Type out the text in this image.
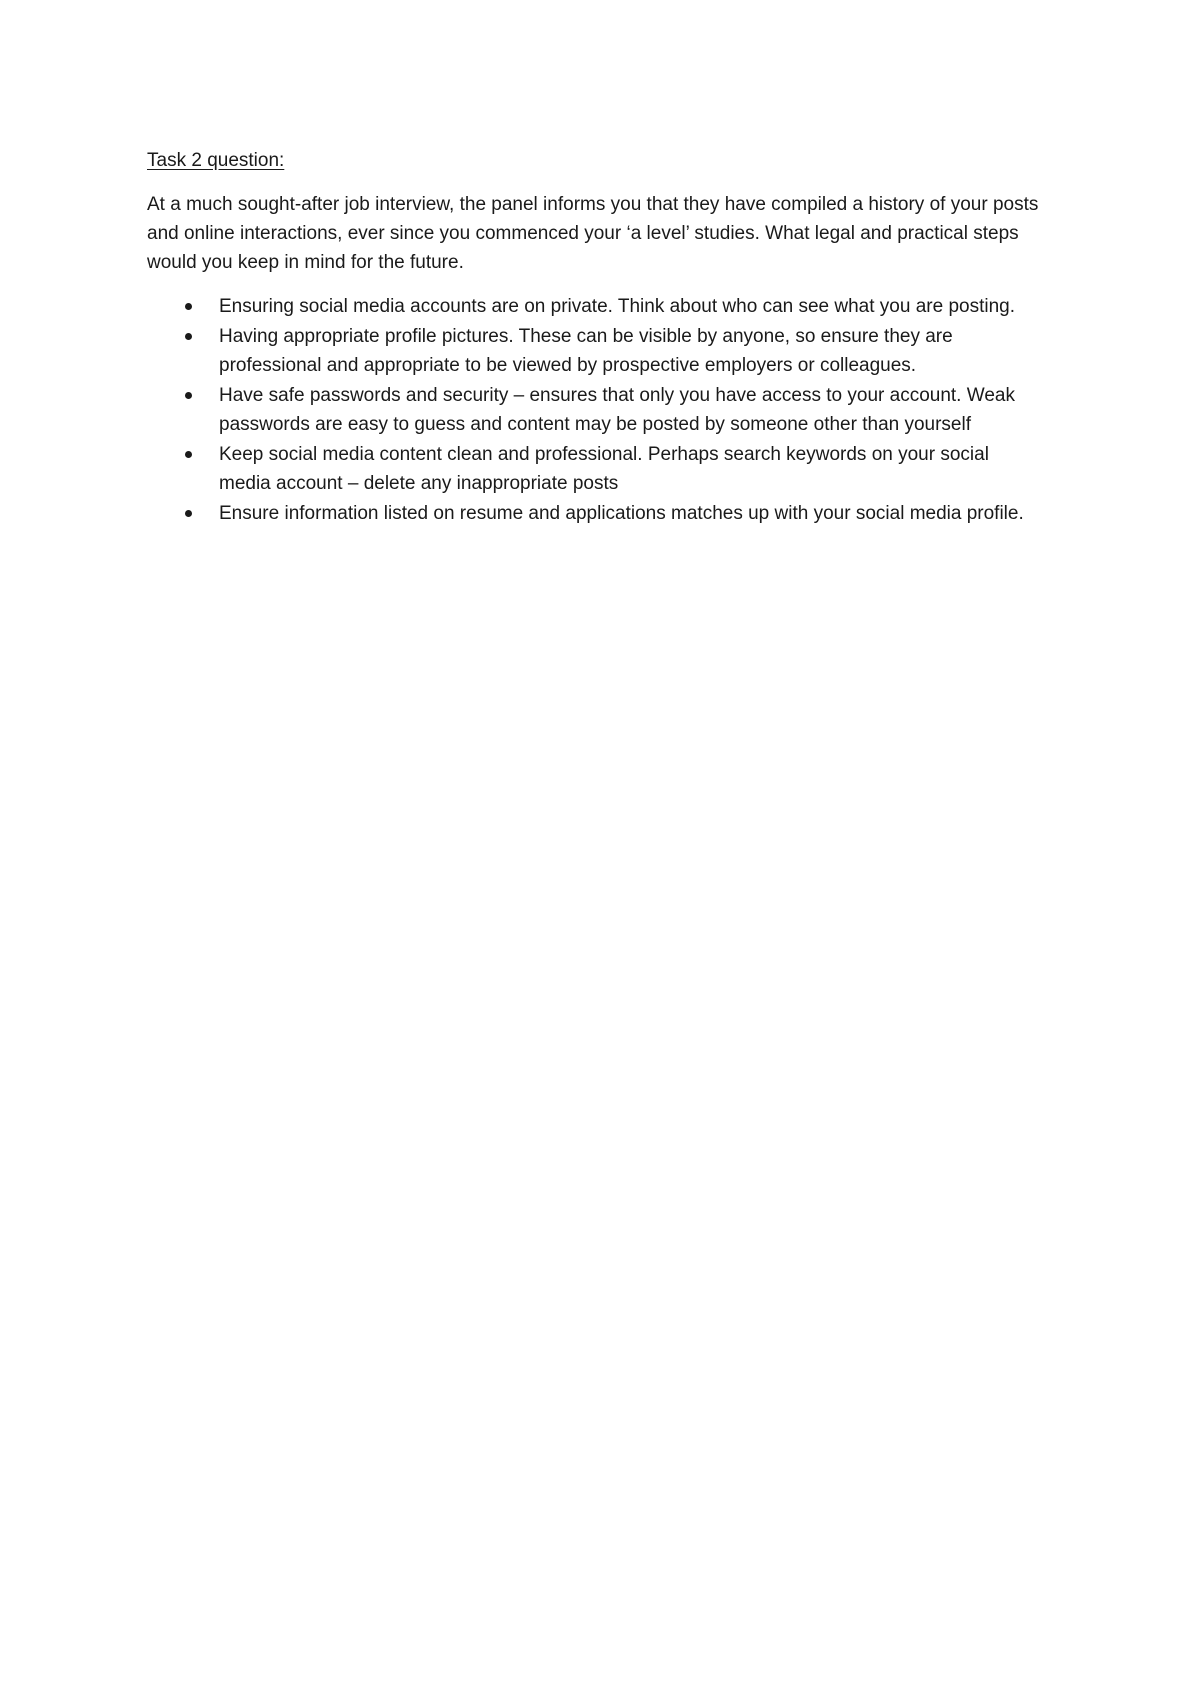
Task 2 question:

At a much sought-after job interview, the panel informs you that they have compiled a history of your posts and online interactions, ever since you commenced your ‘a level’ studies. What legal and practical steps would you keep in mind for the future.

Ensuring social media accounts are on private. Think about who can see what you are posting.
Having appropriate profile pictures. These can be visible by anyone, so ensure they are professional and appropriate to be viewed by prospective employers or colleagues.
Have safe passwords and security – ensures that only you have access to your account. Weak passwords are easy to guess and content may be posted by someone other than yourself
Keep social media content clean and professional. Perhaps search keywords on your social media account – delete any inappropriate posts
Ensure information listed on resume and applications matches up with your social media profile.
